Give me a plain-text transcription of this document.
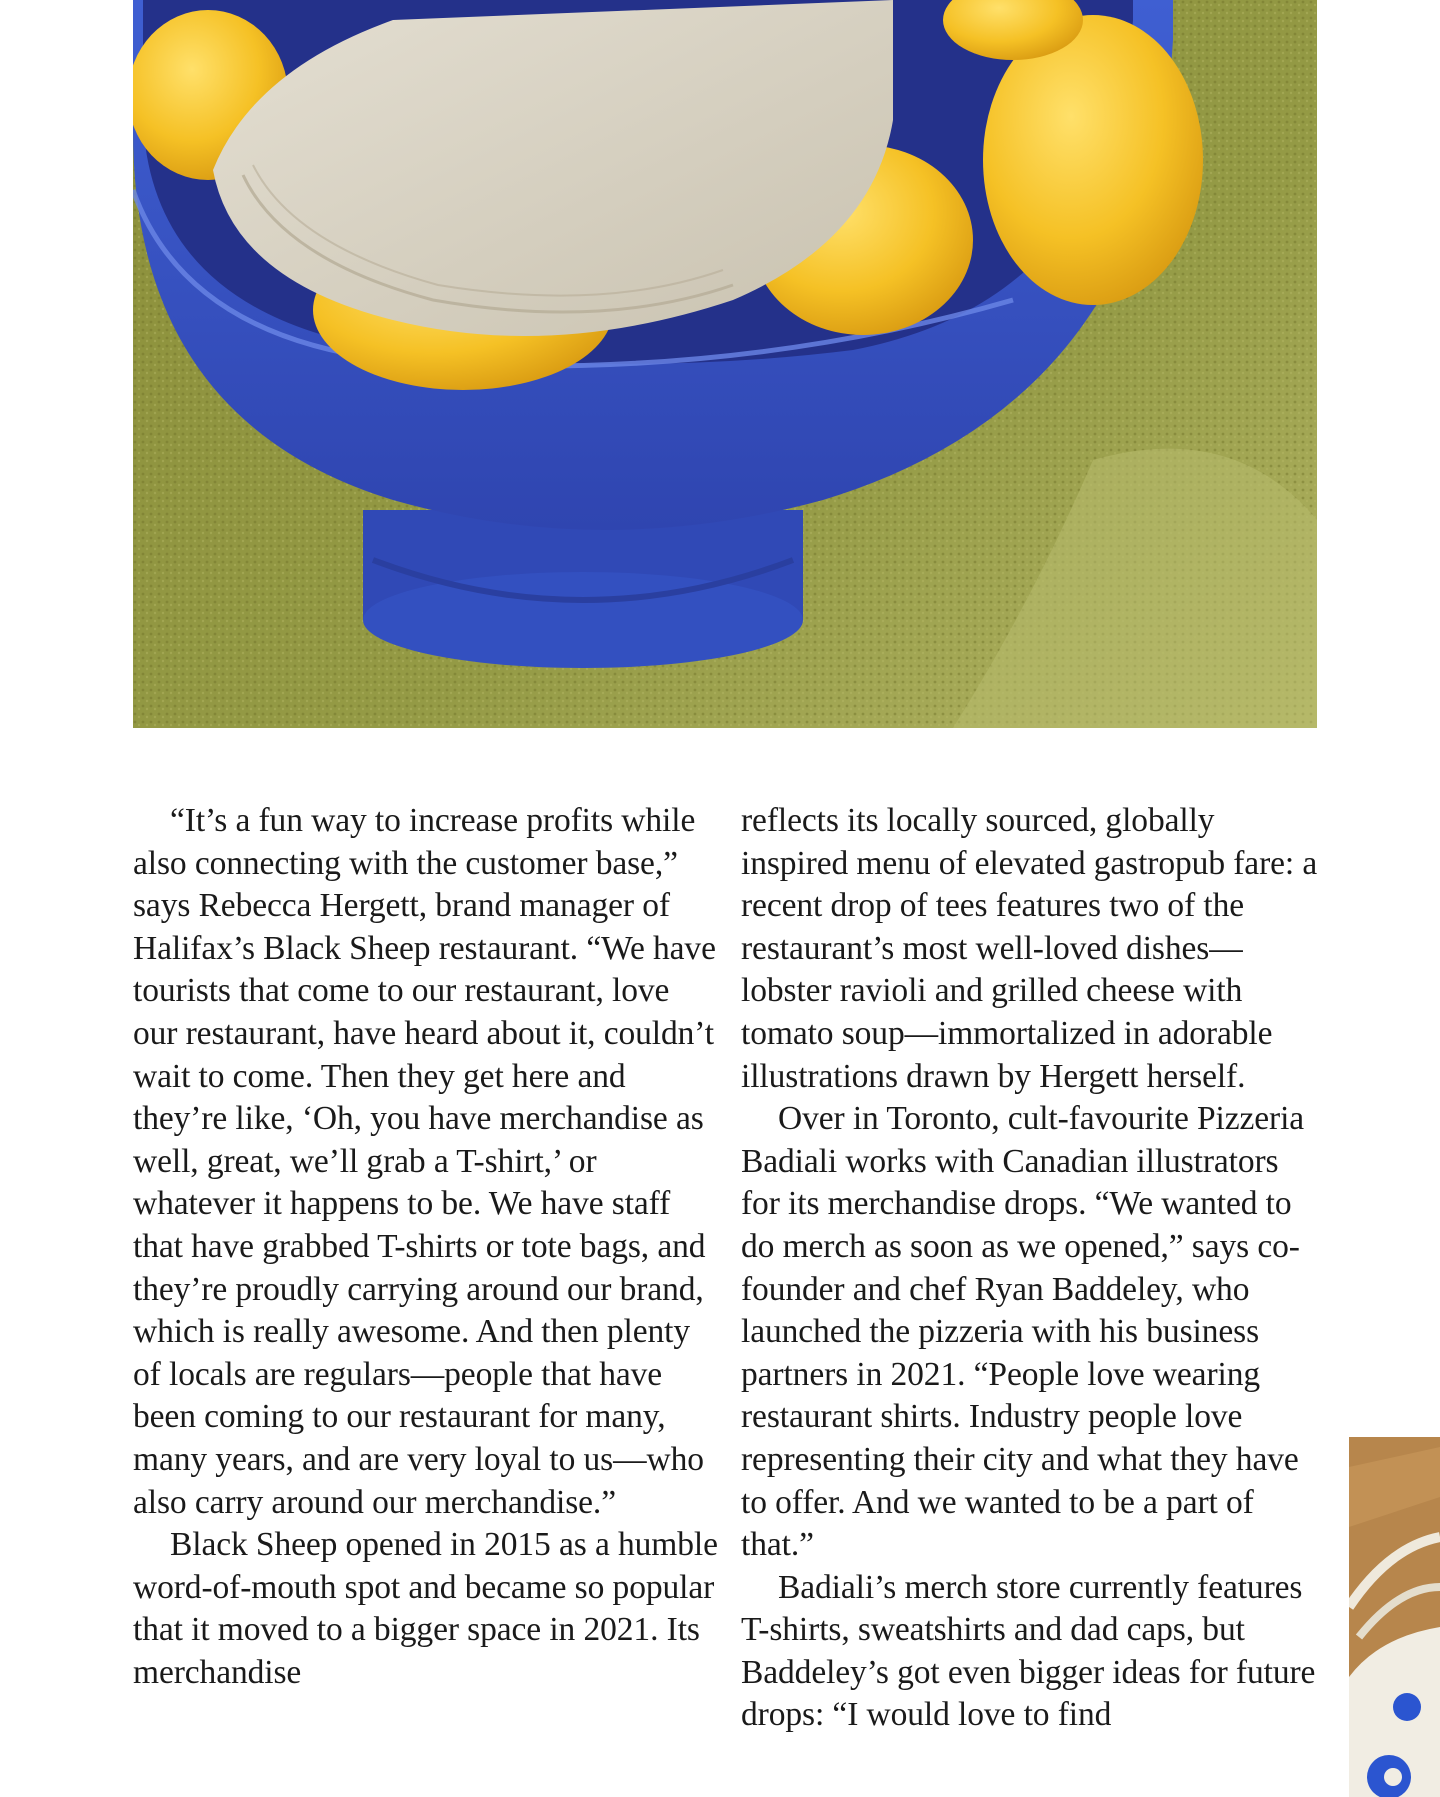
“It’s a fun way to increase profits while also connecting with the customer base,” says Rebecca Hergett, brand manager of Halifax’s Black Sheep restaurant. “We have tourists that come to our restaurant, love our restaurant, have heard about it, couldn’t wait to come. Then they get here and they’re like, ‘Oh, you have merchandise as well, great, we’ll grab a T-shirt,’ or whatever it happens to be. We have staff that have grabbed T-shirts or tote bags, and they’re proudly carrying around our brand, which is really awesome. And then plenty of locals are regulars—people that have been coming to our restaurant for many, many years, and are very loyal to us—who also carry around our merchandise.”

Black Sheep opened in 2015 as a humble word-of-mouth spot and became so popular that it moved to a bigger space in 2021. Its merchandise

reflects its locally sourced, globally inspired menu of elevated gastropub fare: a recent drop of tees features two of the restaurant’s most well-loved dishes—lobster ravioli and grilled cheese with tomato soup—immortalized in adorable illustrations drawn by Hergett herself.

Over in Toronto, cult-favourite Pizzeria Badiali works with Canadian illustrators for its merchandise drops. “We wanted to do merch as soon as we opened,” says co-founder and chef Ryan Baddeley, who launched the pizzeria with his business partners in 2021. “People love wearing restaurant shirts. Industry people love representing their city and what they have to offer. And we wanted to be a part of that.”

Badiali’s merch store currently features T-shirts, sweatshirts and dad caps, but Baddeley’s got even bigger ideas for future drops: “I would love to find
